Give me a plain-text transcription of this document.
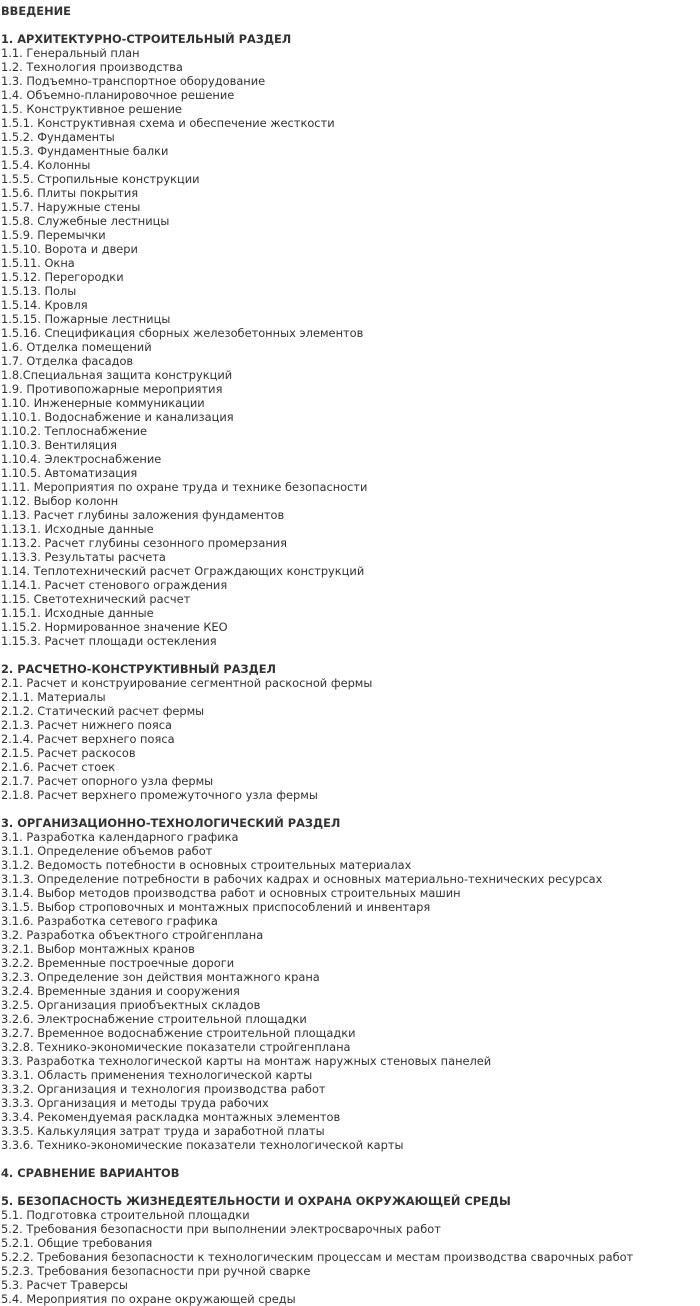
ВВЕДЕНИЕ
1. АРХИТЕКТУРНО-СТРОИТЕЛЬНЫЙ РАЗДЕЛ
1.1. Генеральный план
1.2. Технология производства
1.3. Подъемно-транспортное оборудование
1.4. Объемно-планировочное решение
1.5. Конструктивное решение
1.5.1. Конструктивная схема и обеспечение жесткости
1.5.2. Фундаменты
1.5.3. Фундаментные балки
1.5.4. Колонны
1.5.5. Стропильные конструкции
1.5.6. Плиты покрытия
1.5.7. Наружные стены
1.5.8. Служебные лестницы
1.5.9. Перемычки
1.5.10. Ворота и двери
1.5.11. Окна
1.5.12. Перегородки
1.5.13. Полы
1.5.14. Кровля
1.5.15. Пожарные лестницы
1.5.16. Спецификация сборных железобетонных элементов
1.6. Отделка помещений
1.7. Отделка фасадов
1.8.Специальная защита конструкций
1.9. Противопожарные мероприятия
1.10. Инженерные коммуникации
1.10.1. Водоснабжение и канализация
1.10.2. Теплоснабжение
1.10.3. Вентиляция
1.10.4. Электроснабжение
1.10.5. Автоматизация
1.11. Мероприятия по охране труда и технике безопасности
1.12. Выбор колонн
1.13. Расчет глубины заложения фундаментов
1.13.1. Исходные данные
1.13.2. Расчет глубины сезонного промерзания
1.13.3. Результаты расчета
1.14. Теплотехнический расчет Ограждающих конструкций
1.14.1. Расчет стенового ограждения
1.15. Светотехнический расчет
1.15.1. Исходные данные
1.15.2. Нормированное значение КЕО
1.15.3. Расчет площади остекления
2. РАСЧЕТНО-КОНСТРУКТИВНЫЙ РАЗДЕЛ
2.1. Расчет и конструирование сегментной раскосной фермы
2.1.1. Материалы
2.1.2. Статический расчет фермы
2.1.3. Расчет нижнего пояса
2.1.4. Расчет верхнего пояса
2.1.5. Расчет раскосов
2.1.6. Расчет стоек
2.1.7. Расчет опорного узла фермы
2.1.8. Расчет верхнего промежуточного узла фермы
3. ОРГАНИЗАЦИОННО-ТЕХНОЛОГИЧЕСКИЙ РАЗДЕЛ
3.1. Разработка календарного графика
3.1.1. Определение объемов работ
3.1.2. Ведомость потебности в основных строительных материалах
3.1.3. Определение потребности в рабочих кадрах и основных материально-технических ресурсах
3.1.4. Выбор методов производства работ и основных строительных машин
3.1.5. Выбор строповочных и монтажных приспособлений и инвентаря
3.1.6. Разработка сетевого графика
3.2. Разработка объектного стройгенплана
3.2.1. Выбор монтажных кранов
3.2.2. Временные построечные дороги
3.2.3. Определение зон действия монтажного крана
3.2.4. Временные здания и сооружения
3.2.5. Организация приобъектных складов
3.2.6. Электроснабжение строительной площадки
3.2.7. Временное водоснабжение строительной площадки
3.2.8. Технико-экономические показатели стройгенплана
3.3. Разработка технологической карты на монтаж наружных стеновых панелей
3.3.1. Область применения технологической карты
3.3.2. Организация и технология производства работ
3.3.3. Организация и методы труда рабочих
3.3.4. Рекомендуемая раскладка монтажных элементов
3.3.5. Калькуляция затрат труда и заработной платы
3.3.6. Технико-экономические показатели технологической карты
4. СРАВНЕНИЕ ВАРИАНТОВ
5. БЕЗОПАСНОСТЬ ЖИЗНЕДЕЯТЕЛЬНОСТИ И ОХРАНА ОКРУЖАЮЩЕЙ СРЕДЫ
5.1. Подготовка строительной площадки
5.2. Требования безопасности при выполнении электросварочных работ
5.2.1. Общие требования
5.2.2. Требования безопасности к технологическим процессам и местам производства сварочных работ
5.2.3. Требования безопасности при ручной сварке
5.3. Расчет Траверсы
5.4. Мероприятия по охране окружающей среды
